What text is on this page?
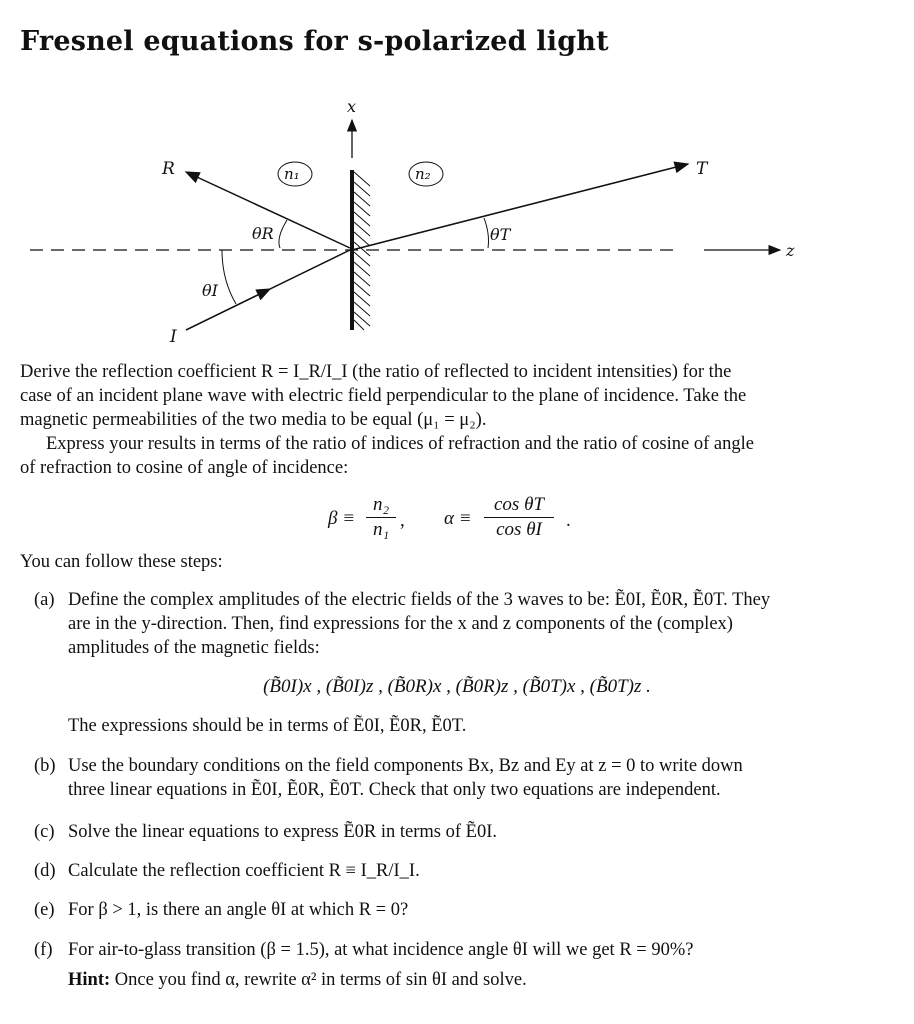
Fresnel equations for s-polarized light
x
z
R	T
I
n₁	n₂
θR
θI
θT
Derive the reflection coefficient R = I_R/I_I (the ratio of reflected to incident intensities) for the
case of an incident plane wave with electric field perpendicular to the plane of incidence. Take the
magnetic permeabilities of the two media to be equal (μ₁ = μ₂).
Express your results in terms of the ratio of indices of refraction and the ratio of cosine of angle
of refraction to cosine of angle of incidence:
$\beta \equiv \frac{\text{n₂}}{\text{n₁}}$ , $\alpha \equiv \frac{\text{cos θT}}{\text{cos θI}}$ .
You can follow these steps:
(a) Define the complex amplitudes of the electric fields of the 3 waves to be: Ẽ0I, Ẽ0R, Ẽ0T. They
are in the y-direction. Then, find expressions for the x and z components of the (complex)
amplitudes of the magnetic fields:
(B̃0I)x , (B̃0I)z , (B̃0R)x , (B̃0R)z , (B̃0T)x , (B̃0T)z .
The expressions should be in terms of Ẽ0I, Ẽ0R, Ẽ0T.
(b) Use the boundary conditions on the field components Bx, Bz and Ey at z = 0 to write down
three linear equations in Ẽ0I, Ẽ0R, Ẽ0T. Check that only two equations are independent.
(c) Solve the linear equations to express Ẽ0R in terms of Ẽ0I.
(d) Calculate the reflection coefficient R ≡ I_R/I_I.
(e) For β > 1, is there an angle θI at which R = 0?
(f) For air-to-glass transition (β = 1.5), at what incidence angle θI will we get R = 90%?
Hint: Once you find α, rewrite α² in terms of sin θI and solve.
